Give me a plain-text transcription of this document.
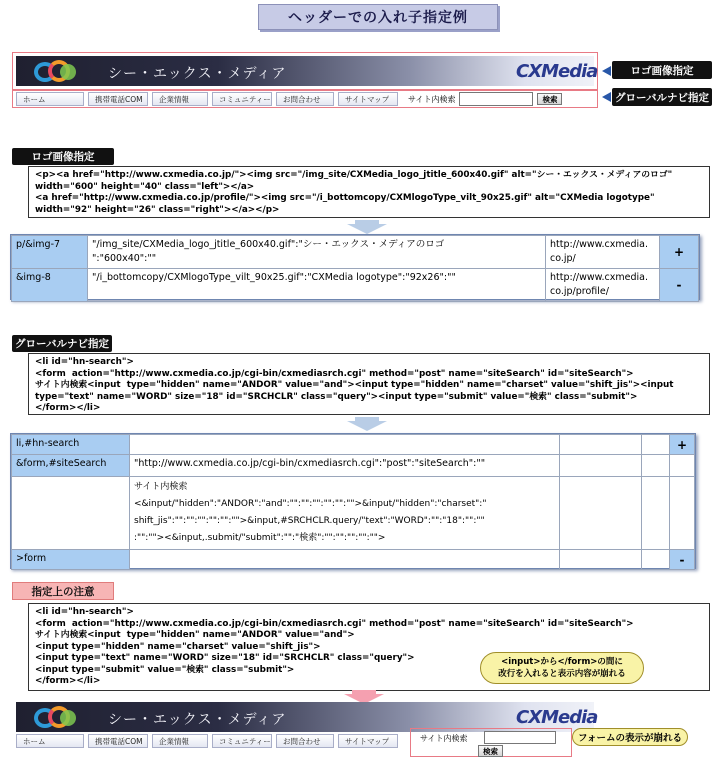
ヘッダーでの入れ子指定例
シー・エックス・メディア	CXMedia
ホーム	携帯電話COM	企業情報	コミュニティー	お問合わせ	サイトマップ	サイト内検索	検索
ロゴ画像指定
グローバルナビ指定
ロゴ画像指定
<p><a href="http://www.cxmedia.co.jp/"><img src="/img_site/CXMedia_logo_jtitle_600x40.gif" alt="シー・エックス・メディアのロゴ"
width="600" height="40" class="left"></a>
<a href="http://www.cxmedia.co.jp/profile/"><img src="/i_bottomcopy/CXMlogoType_vilt_90x25.gif" alt="CXMedia logotype"
width="92" height="26" class="right"></a></p>
p/&img-7	"/img_site/CXMedia_logo_jtitle_600x40.gif":"シー・エックス・メディアのロゴ
":"600x40":""	http://www.cxmedia.
co.jp/	+
&img-8	"/i_bottomcopy/CXMlogoType_vilt_90x25.gif":"CXMedia logotype":"92x26":""	http://www.cxmedia.
co.jp/profile/	-
グローバルナビ指定
<li id="hn-search">
<form  action="http://www.cxmedia.co.jp/cgi-bin/cxmediasrch.cgi" method="post" name="siteSearch" id="siteSearch">
サイト内検索<input  type="hidden" name="ANDOR" value="and"><input type="hidden" name="charset" value="shift_jis"><input
type="text" name="WORD" size="18" id="SRCHCLR" class="query"><input type="submit" value="検索" class="submit">
</form></li>
li,#hn-search				+
&form,#siteSearch	"http://www.cxmedia.co.jp/cgi-bin/cxmediasrch.cgi":"post":"siteSearch":""			
	サイト内検索
<&input/"hidden":"ANDOR":"and":"":"":"":"":"":"">&input/"hidden":"charset":"
shift_jis":"":"":"":"":"":"">&input,#SRCHCLR.query/"text":"WORD":"":"18":"":""
:"":""><&input,.submit/"submit":"":"検索":"":"":"":"":"">			
>form				-
指定上の注意
<li id="hn-search">
<form  action="http://www.cxmedia.co.jp/cgi-bin/cxmediasrch.cgi" method="post" name="siteSearch" id="siteSearch">
サイト内検索<input  type="hidden" name="ANDOR" value="and">
<input type="hidden" name="charset" value="shift_jis">
<input type="text" name="WORD" size="18" id="SRCHCLR" class="query">
<input type="submit" value="検索" class="submit">
</form></li>
<input>から</form>の間に
改行を入れると表示内容が崩れる
シー・エックス・メディア	CXMedia
ホーム	携帯電話COM	企業情報	コミュニティー	お問合わせ	サイトマップ	サイト内検索
検索
フォームの表示が崩れる
